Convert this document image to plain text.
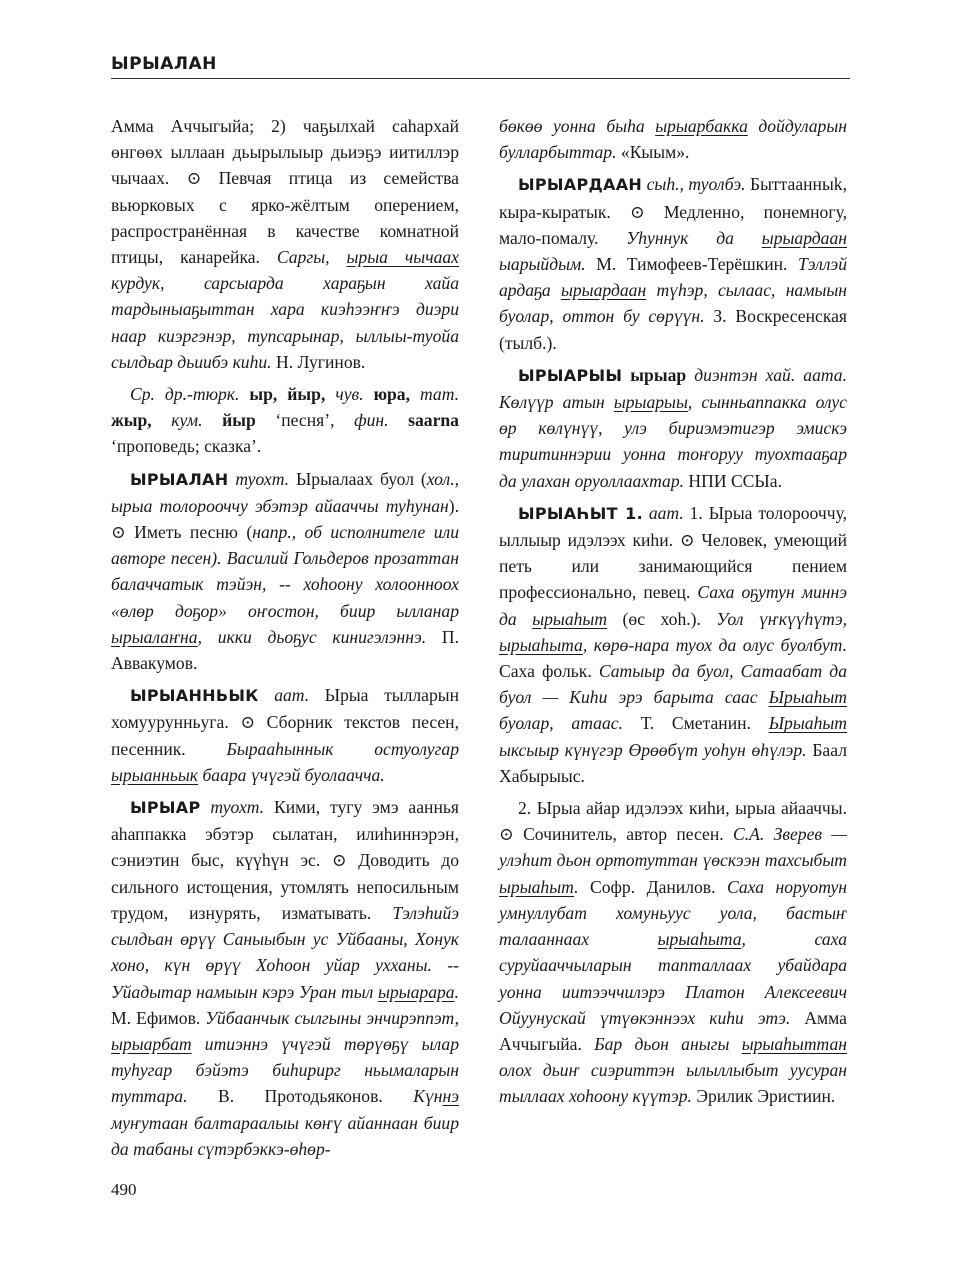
ЫРЫАЛАН

Амма Аччыгыйа; 2) чаҕылхай саһархай өнгөөх ыллаан дьырылыыр дьиэҕэ иитиллэр чычаах. ⊙ Певчая птица из семейства вьюрковых с ярко-жёлтым оперением, распространённая в качестве комнатной птицы, канарейка. Саргы, ырыа чычаах курдук, сарсыарда хараҕын хайа тардыныаҕыттан хара киэһээҥҥэ диэри наар киэргэнэр, тупсарынар, ыллыы-туойа сылдьар дьиибэ киһи. Н. Лугинов.

Ср. др.-тюрк. ыр, йыр, чув. юра, тат. жыр, кум. йыр ‘песня’, фин. saarna ‘проповедь; сказка’.

ЫРЫАЛАН туохт. Ырыалаах буол (хол., ырыа толорооччу эбэтэр айааччы туһунан). ⊙ Иметь песню (напр., об исполнителе или авторе песен). Василий Гольдеров прозаттан балаччатык тэйэн, -- хоһоону холоонноох «өлөр доҕор» оҥостон, биир ылланар ырыалаҥна, икки дьоҕус кинигэлэннэ. П. Аввакумов.

ЫРЫАННЬЫК аат. Ырыа тылларын хомуурунньуга. ⊙ Сборник текстов песен, песенник. Бырааһыннык остуолугар ырыанньык баара үчүгэй буолаачча.

ЫРЫАР туохт. Кими, тугу эмэ ааннья аһаппакка эбэтэр сылатан, илиһиннэрэн, сэниэтин быс, күүһүн эс. ⊙ Доводить до сильного истощения, утомлять непосильным трудом, изнурять, изматывать. Тэлэһийэ сылдьан өрүү Саныыбын ус Уйбааны, Хонук хоно, күн өрүү Хоһоон уйар ухханы. -- Уйадытар намыын кэрэ Уран тыл ырыарара. М. Ефимов. Уйбаанчык сылгыны энчирэппэт, ырыарбат итиэннэ үчүгэй төрүөҕү ылар туһугар бэйэтэ биһирирг ньымаларын туттара. В. Протодьяконов. Күннэ муҥутаан балтараалыы көҥү айаннаан биир да табаны сүтэрбэккэ-өһөр-

бөкөө уонна быһа ырыарбакка дойдуларын булларбыттар. «Кыым».

ЫРЫАРДААН сыһ., туолбэ. Быттаанныk, кыра-кыратык. ⊙ Медленно, понемногу, мало-помалу. Уһуннук да ырыардаан ыарыйдым. М. Тимофеев-Терёшкин. Тэллэй ардаҕа ырыардаан түһэр, сылаас, намыын буолар, оттон бу сөрүүн. З. Воскресенская (тылб.).

ЫРЫАРЫЫ ырыар диэнтэн хай. аата. Көлүүр атын ырыарыы, сынньаппакка олус өр көлүнүү, улэ бириэмэтигэр эмискэ тиритиннэрии уонна тоҥоруу туохтааҕар да улахан оруоллаахтар. НПИ ССЫа.

ЫРЫАҺЫТ 1. аат. 1. Ырыа толорооччу, ыллыыр идэлээх киһи. ⊙ Человек, умеющий петь или занимающийся пением профессионально, певец. Саха оҕутун миннэ да ырыаһыт (өс хоһ.). Уол үҥкүүһүтэ, ырыаһыта, көрө-нара туох да олус буолбут. Саха фольк. Сатыыр да буол, Сатаабат да буол — Киһи эрэ барыта саас Ырыаһыт буолар, атаас. Т. Сметанин. Ырыаһыт ыксыыр күнүгэр Өрөөбүт уоһун өһүлэр. Баал Хабырыыс.

2. Ырыа айар идэлээх киһи, ырыа айааччы. ⊙ Сочинитель, автор песен. С.А. Зверев — улэһит дьон ортотуттан үөскээн тахсыбыт ырыаһыт. Софр. Данилов. Саха норуотун умнуллубат хомуньуус уола, бастыҥ талааннаах ырыаһыта, саха суруйааччыларын тапталлаах убайдара уонна иитээччилэрэ Платон Алексеевич Ойуунускай үтүөкэннээх киһи этэ. Амма Аччыгыйа. Бар дьон аныгы ырыаһыттан олох дьиҥ сиэриттэн ылыллыбыт уусуран тыллаах хоһоону күүтэр. Эрилик Эристиин.

490
